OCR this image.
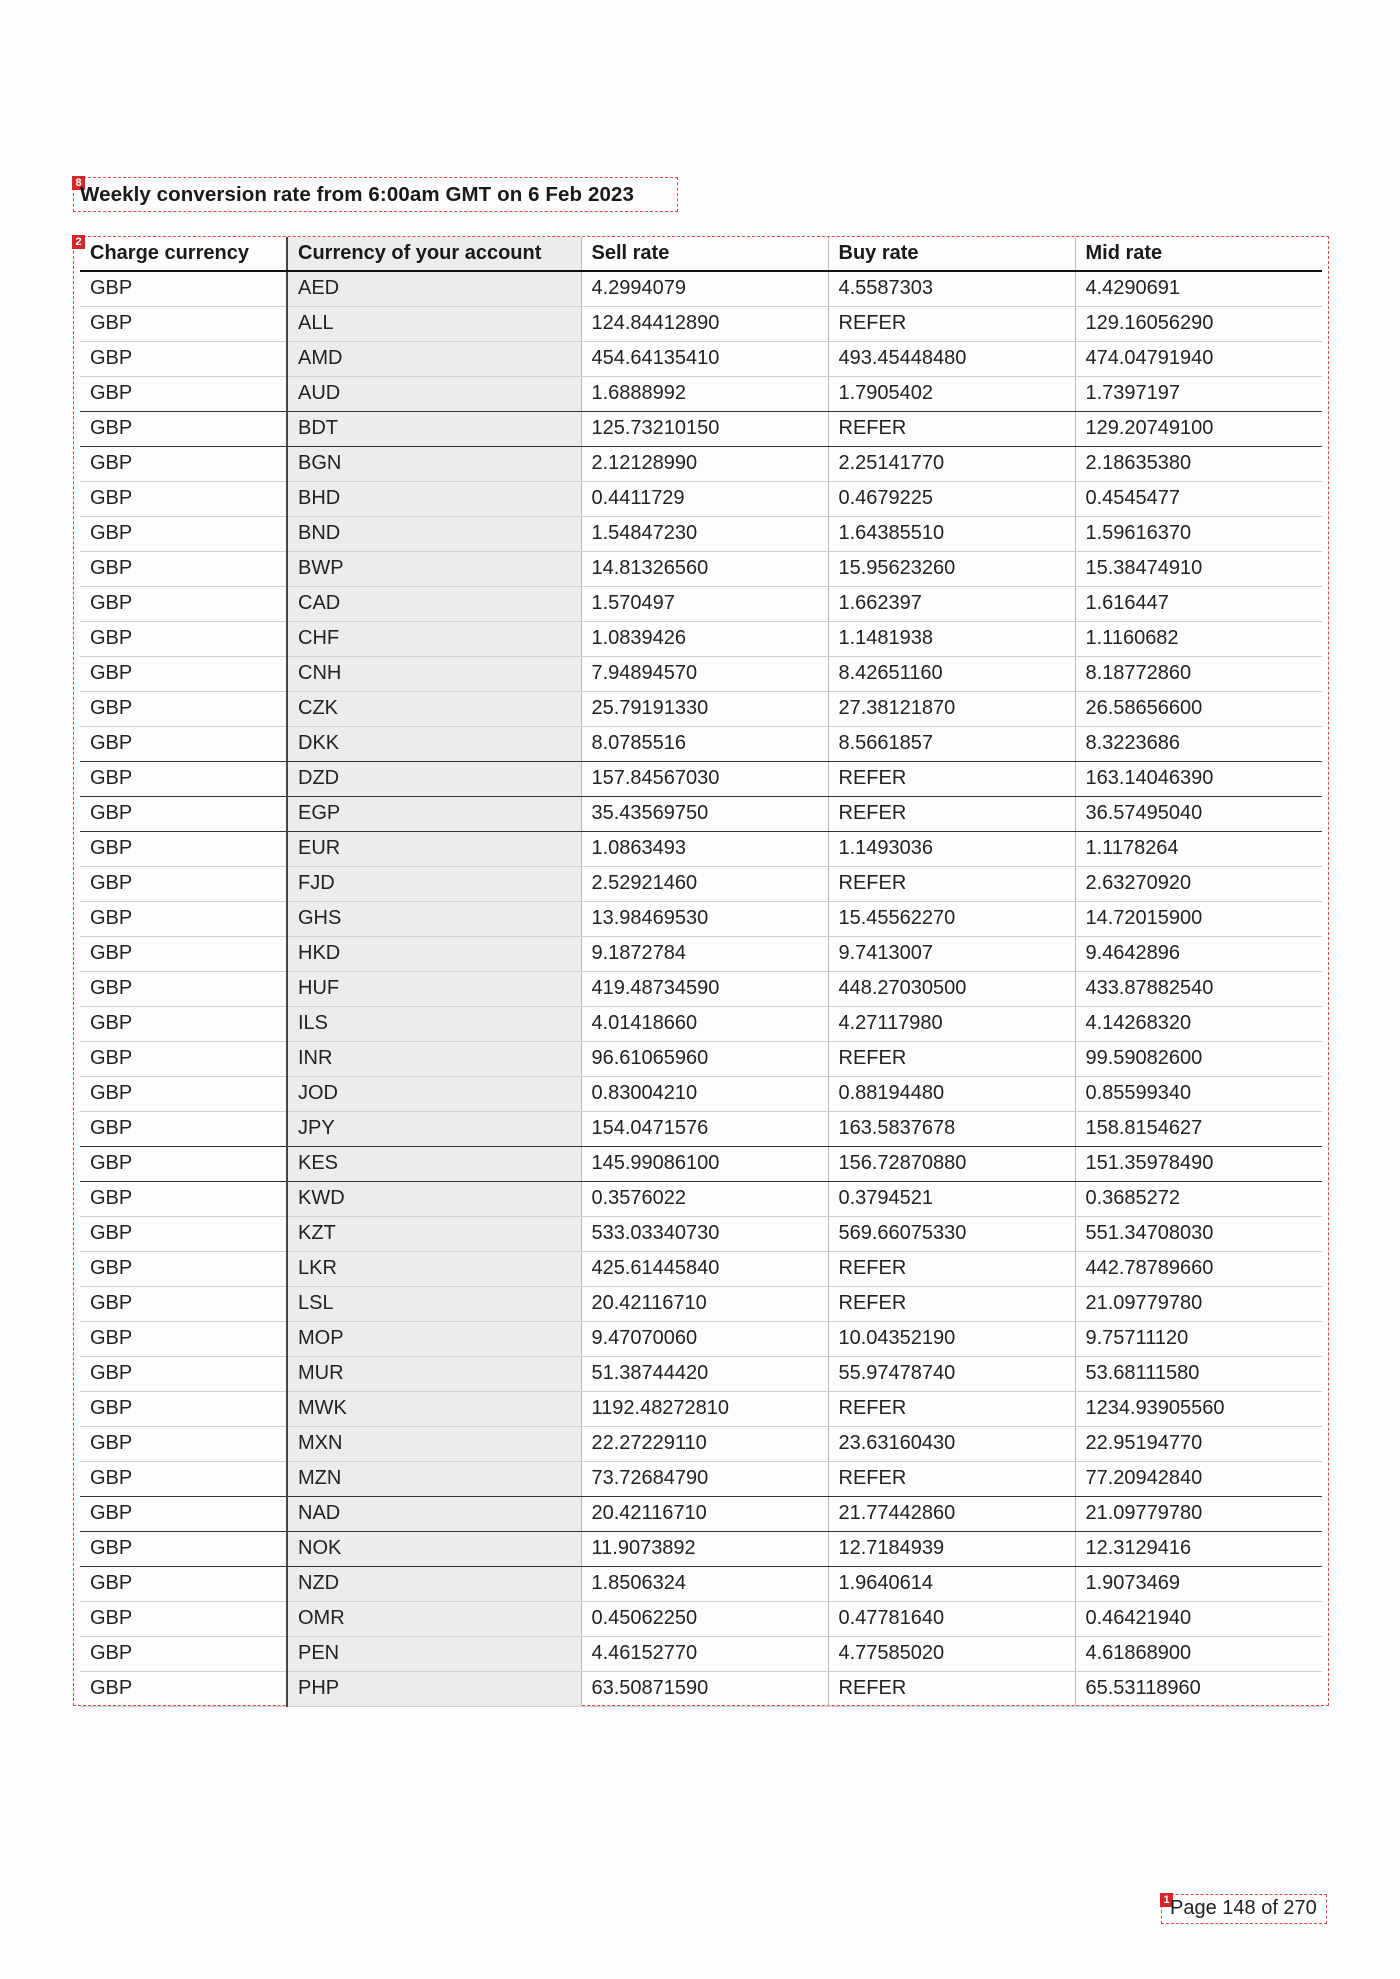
8
Weekly conversion rate from 6:00am GMT on 6 Feb 2023
2 Charge currency	Currency of your account	Sell rate	Buy rate	Mid rate
GBP	AED	4.2994079	4.5587303	4.4290691
GBP	ALL	124.84412890	REFER	129.16056290
GBP	AMD	454.64135410	493.45448480	474.04791940
GBP	AUD	1.6888992	1.7905402	1.7397197
GBP	BDT	125.73210150	REFER	129.20749100
GBP	BGN	2.12128990	2.25141770	2.18635380
GBP	BHD	0.4411729	0.4679225	0.4545477
GBP	BND	1.54847230	1.64385510	1.59616370
GBP	BWP	14.81326560	15.95623260	15.38474910
GBP	CAD	1.570497	1.662397	1.616447
GBP	CHF	1.0839426	1.1481938	1.1160682
GBP	CNH	7.94894570	8.42651160	8.18772860
GBP	CZK	25.79191330	27.38121870	26.58656600
GBP	DKK	8.0785516	8.5661857	8.3223686
GBP	DZD	157.84567030	REFER	163.14046390
GBP	EGP	35.43569750	REFER	36.57495040
GBP	EUR	1.0863493	1.1493036	1.1178264
GBP	FJD	2.52921460	REFER	2.63270920
GBP	GHS	13.98469530	15.45562270	14.72015900
GBP	HKD	9.1872784	9.7413007	9.4642896
GBP	HUF	419.48734590	448.27030500	433.87882540
GBP	ILS	4.01418660	4.27117980	4.14268320
GBP	INR	96.61065960	REFER	99.59082600
GBP	JOD	0.83004210	0.88194480	0.85599340
GBP	JPY	154.0471576	163.5837678	158.8154627
GBP	KES	145.99086100	156.72870880	151.35978490
GBP	KWD	0.3576022	0.3794521	0.3685272
GBP	KZT	533.03340730	569.66075330	551.34708030
GBP	LKR	425.61445840	REFER	442.78789660
GBP	LSL	20.42116710	REFER	21.09779780
GBP	MOP	9.47070060	10.04352190	9.75711120
GBP	MUR	51.38744420	55.97478740	53.68111580
GBP	MWK	1192.48272810	REFER	1234.93905560
GBP	MXN	22.27229110	23.63160430	22.95194770
GBP	MZN	73.72684790	REFER	77.20942840
GBP	NAD	20.42116710	21.77442860	21.09779780
GBP	NOK	11.9073892	12.7184939	12.3129416
GBP	NZD	1.8506324	1.9640614	1.9073469
GBP	OMR	0.45062250	0.47781640	0.46421940
GBP	PEN	4.46152770	4.77585020	4.61868900
GBP	PHP	63.50871590	REFER	65.53118960
1 Page 148 of 270
